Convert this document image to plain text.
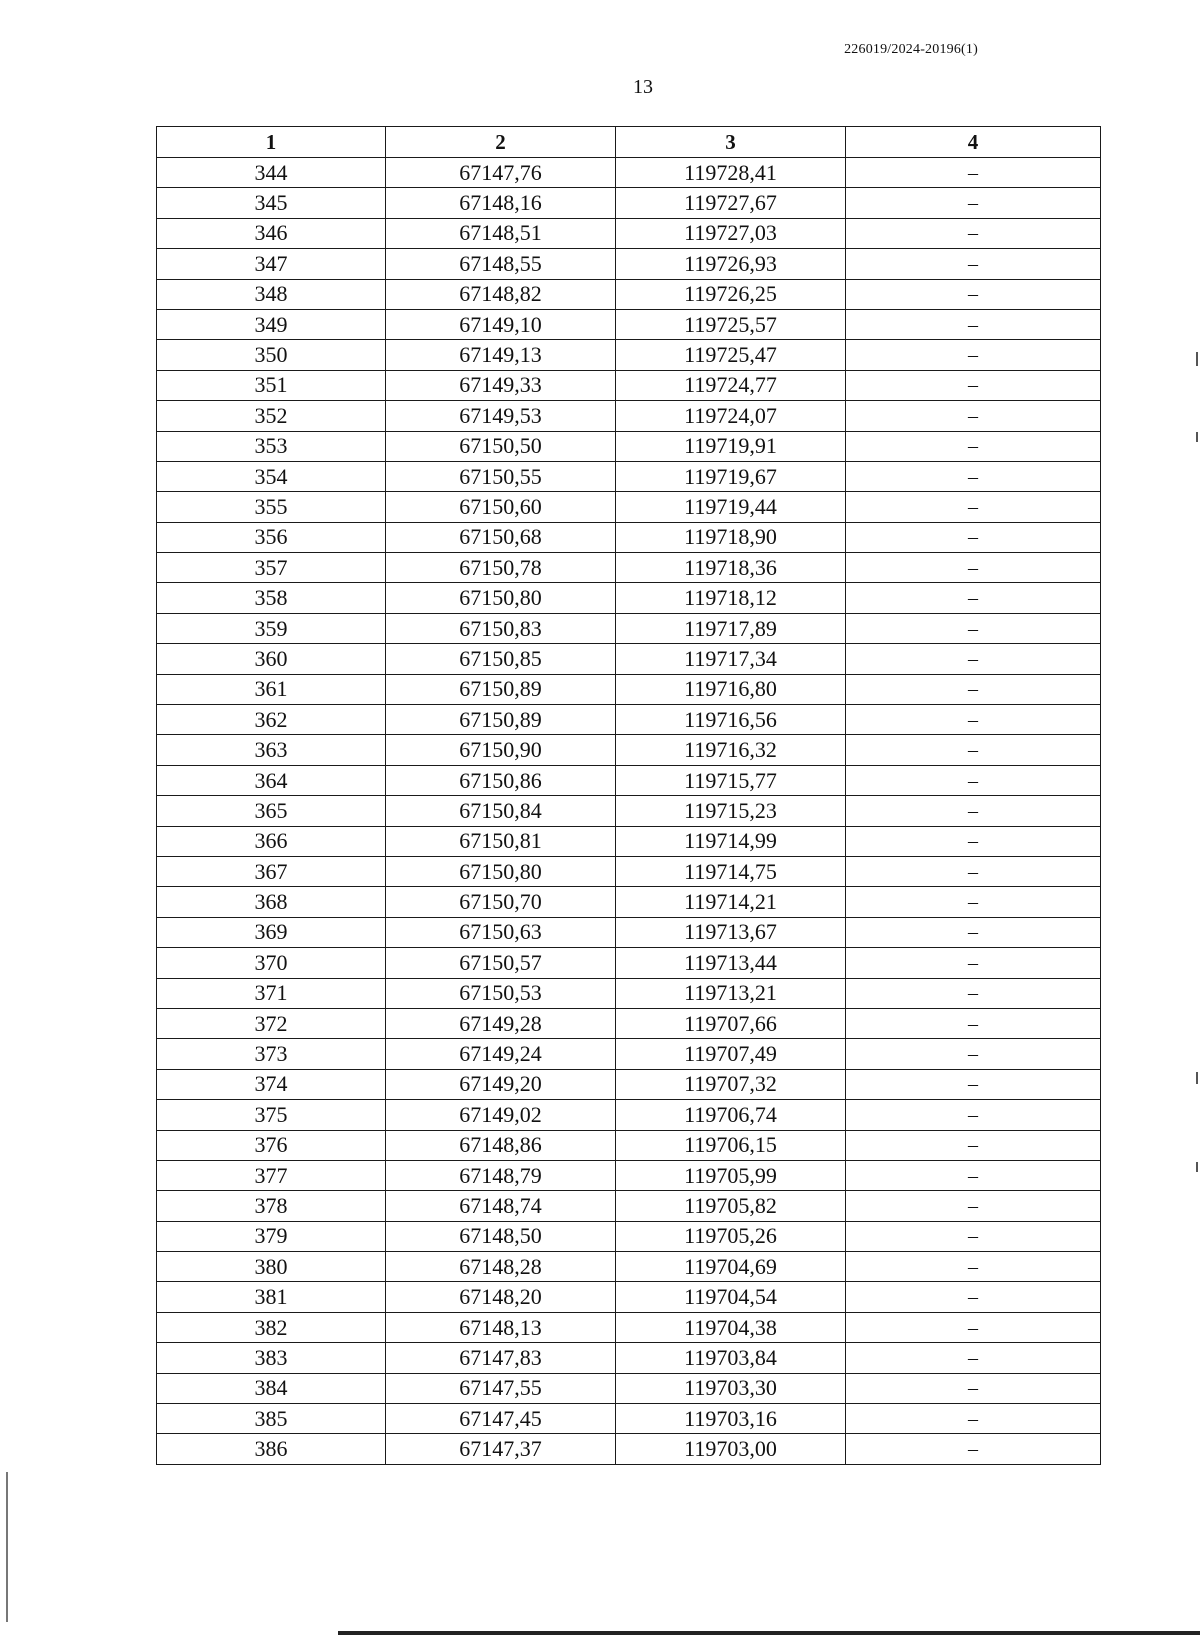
226019/2024-20196(1)
13
1	2	3	4
344	67147,76	119728,41	–
345	67148,16	119727,67	–
346	67148,51	119727,03	–
347	67148,55	119726,93	–
348	67148,82	119726,25	–
349	67149,10	119725,57	–
350	67149,13	119725,47	–
351	67149,33	119724,77	–
352	67149,53	119724,07	–
353	67150,50	119719,91	–
354	67150,55	119719,67	–
355	67150,60	119719,44	–
356	67150,68	119718,90	–
357	67150,78	119718,36	–
358	67150,80	119718,12	–
359	67150,83	119717,89	–
360	67150,85	119717,34	–
361	67150,89	119716,80	–
362	67150,89	119716,56	–
363	67150,90	119716,32	–
364	67150,86	119715,77	–
365	67150,84	119715,23	–
366	67150,81	119714,99	–
367	67150,80	119714,75	–
368	67150,70	119714,21	–
369	67150,63	119713,67	–
370	67150,57	119713,44	–
371	67150,53	119713,21	–
372	67149,28	119707,66	–
373	67149,24	119707,49	–
374	67149,20	119707,32	–
375	67149,02	119706,74	–
376	67148,86	119706,15	–
377	67148,79	119705,99	–
378	67148,74	119705,82	–
379	67148,50	119705,26	–
380	67148,28	119704,69	–
381	67148,20	119704,54	–
382	67148,13	119704,38	–
383	67147,83	119703,84	–
384	67147,55	119703,30	–
385	67147,45	119703,16	–
386	67147,37	119703,00	–
